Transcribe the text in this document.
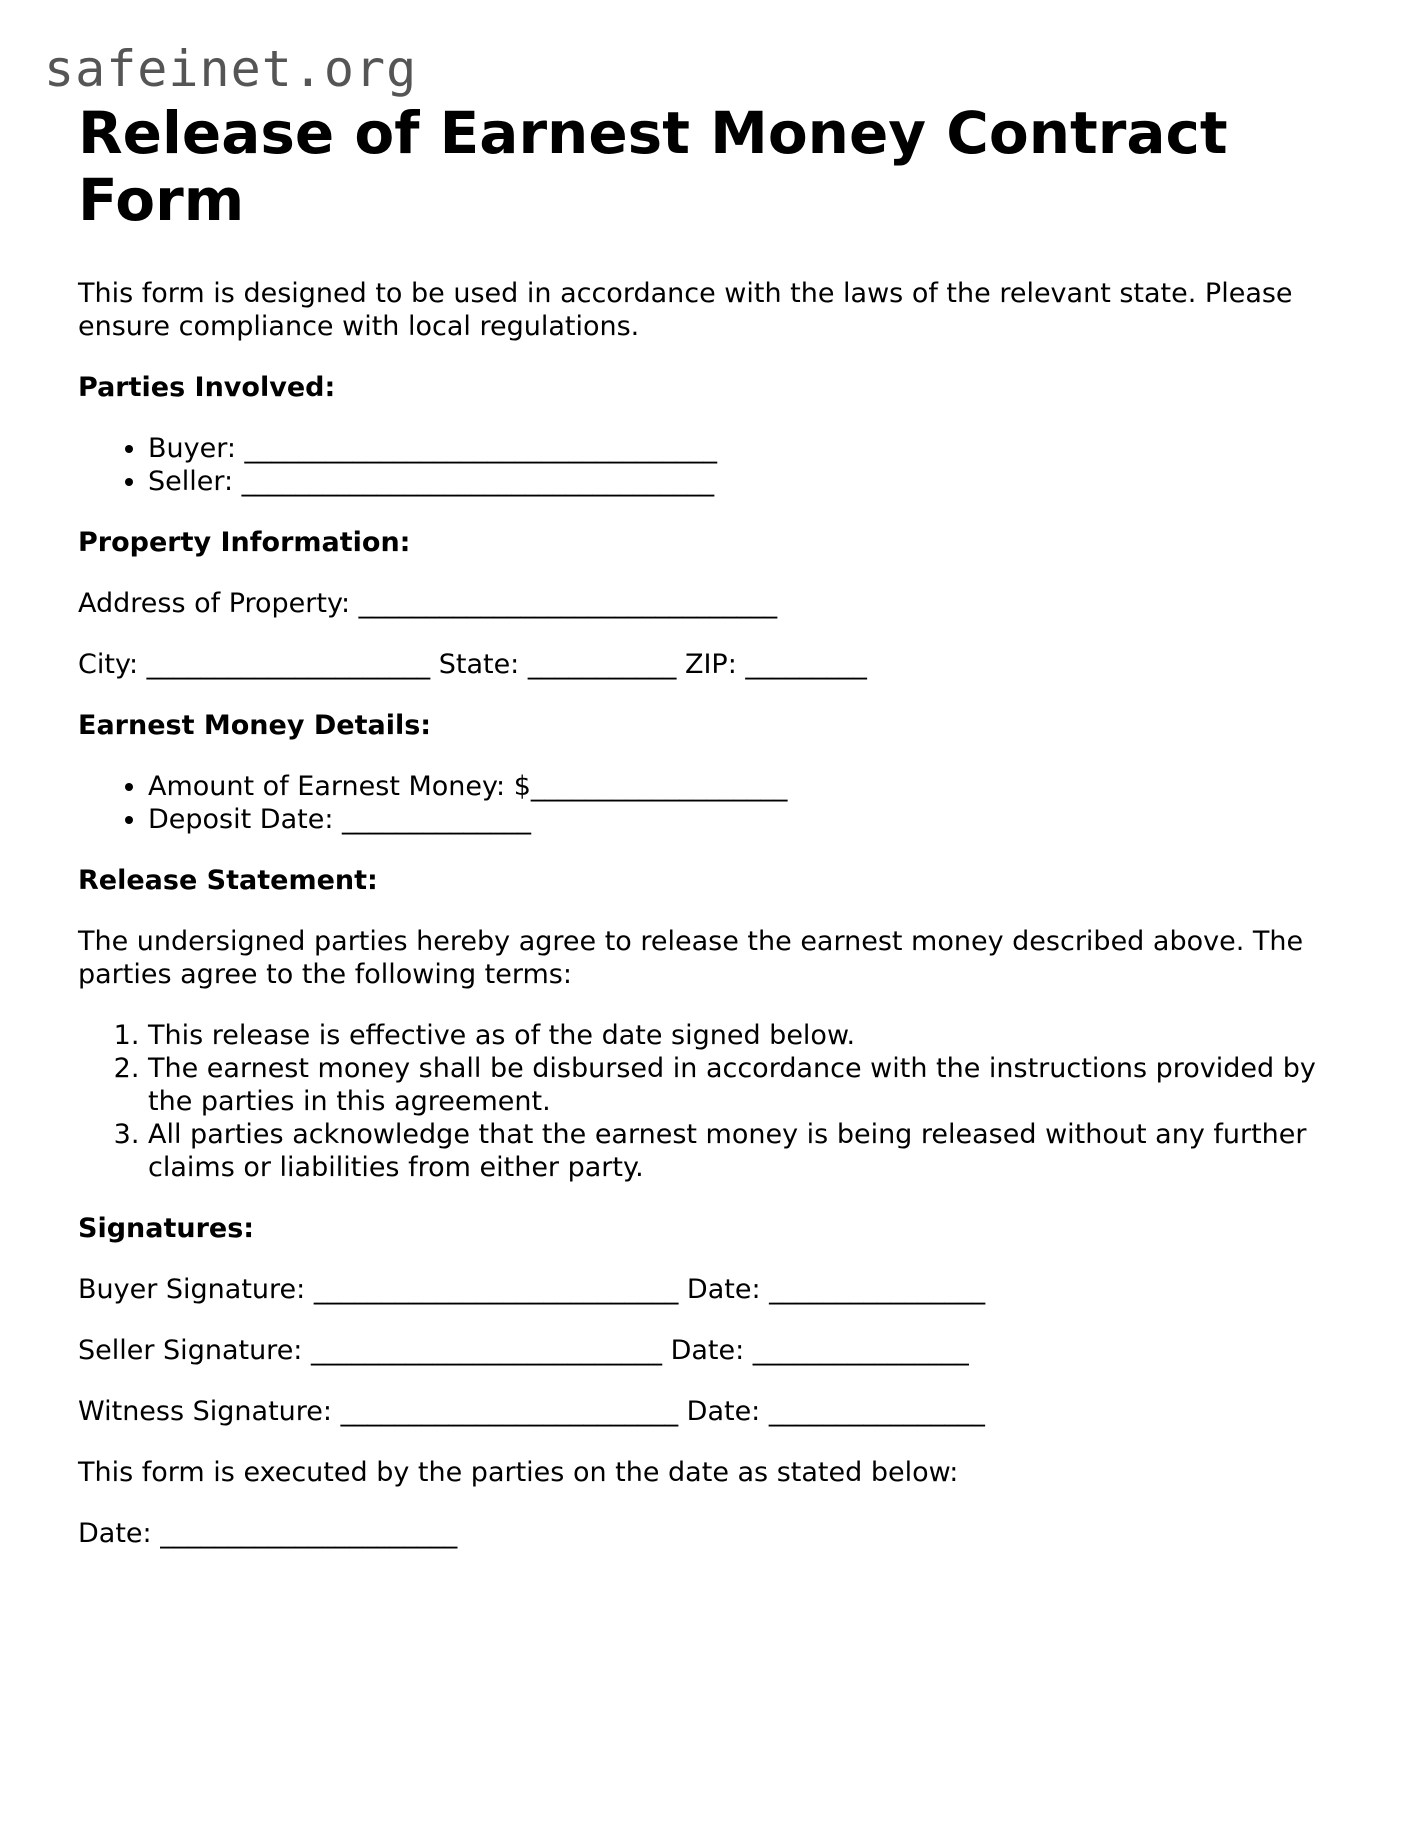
safeinet.org
Release of Earnest Money Contract Form

This form is designed to be used in accordance with the laws of the relevant state. Please ensure compliance with local regulations.

Parties Involved:
• Buyer: ___________________________________
• Seller: ___________________________________
Property Information:

Address of Property: _______________________________

City: _____________________ State: ___________ ZIP: _________

Earnest Money Details:
• Amount of Earnest Money: $___________________
• Deposit Date: ______________
Release Statement:

The undersigned parties hereby agree to release the earnest money described above. The parties agree to the following terms:

1. This release is effective as of the date signed below.
2. The earnest money shall be disbursed in accordance with the instructions provided by the parties in this agreement.
3. All parties acknowledge that the earnest money is being released without any further claims or liabilities from either party.
Signatures:

Buyer Signature: ___________________________ Date: ________________

Seller Signature: __________________________ Date: ________________

Witness Signature: _________________________ Date: ________________

This form is executed by the parties on the date as stated below:

Date: ______________________
